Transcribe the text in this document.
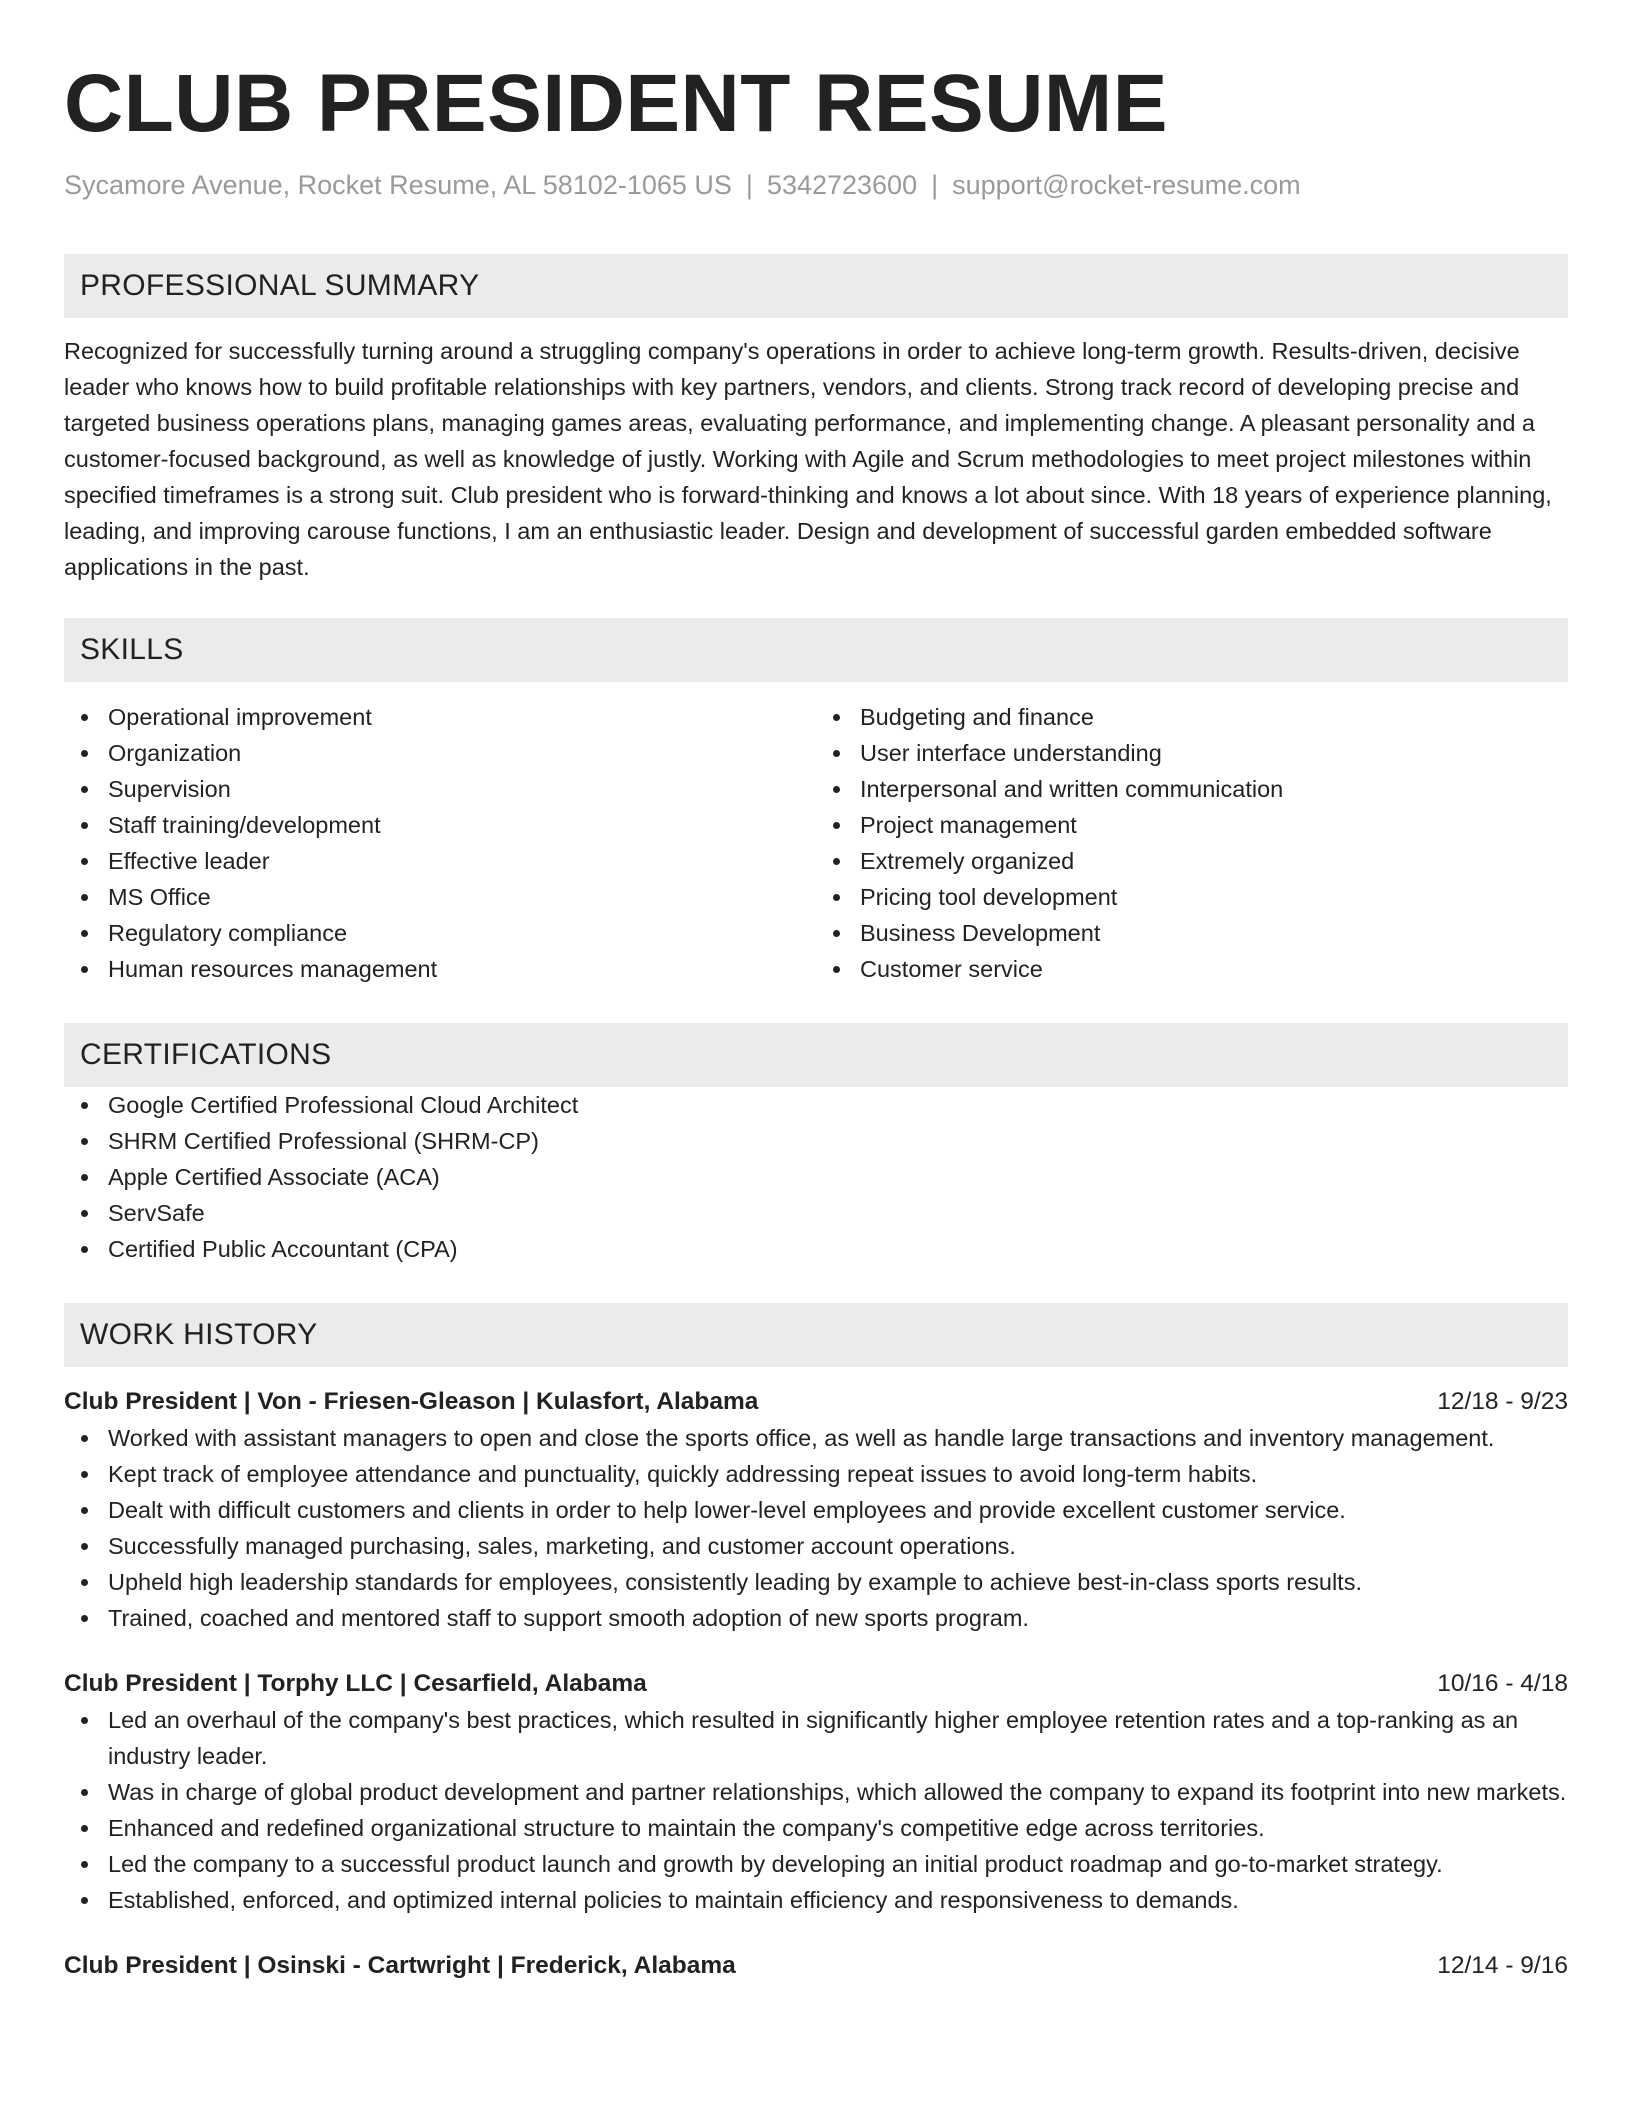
CLUB PRESIDENT RESUME
Sycamore Avenue, Rocket Resume, AL 58102-1065 US | 5342723600 | support@rocket-resume.com
PROFESSIONAL SUMMARY

Recognized for successfully turning around a struggling company's operations in order to achieve long-term growth. Results-driven, decisive leader who knows how to build profitable relationships with key partners, vendors, and clients. Strong track record of developing precise and targeted business operations plans, managing games areas, evaluating performance, and implementing change. A pleasant personality and a customer-focused background, as well as knowledge of justly. Working with Agile and Scrum methodologies to meet project milestones within specified timeframes is a strong suit. Club president who is forward-thinking and knows a lot about since. With 18 years of experience planning, leading, and improving carouse functions, I am an enthusiastic leader. Design and development of successful garden embedded software applications in the past.

SKILLS
Operational improvement
Organization
Supervision
Staff training/development
Effective leader
MS Office
Regulatory compliance
Human resources management
Budgeting and finance
User interface understanding
Interpersonal and written communication
Project management
Extremely organized
Pricing tool development
Business Development
Customer service
CERTIFICATIONS
Google Certified Professional Cloud Architect
SHRM Certified Professional (SHRM-CP)
Apple Certified Associate (ACA)
ServSafe
Certified Public Accountant (CPA)
WORK HISTORY
Club President | Von - Friesen-Gleason | Kulasfort, Alabama	12/18 - 9/23
Worked with assistant managers to open and close the sports office, as well as handle large transactions and inventory management.
Kept track of employee attendance and punctuality, quickly addressing repeat issues to avoid long-term habits.
Dealt with difficult customers and clients in order to help lower-level employees and provide excellent customer service.
Successfully managed purchasing, sales, marketing, and customer account operations.
Upheld high leadership standards for employees, consistently leading by example to achieve best-in-class sports results.
Trained, coached and mentored staff to support smooth adoption of new sports program.
Club President | Torphy LLC | Cesarfield, Alabama	10/16 - 4/18
Led an overhaul of the company's best practices, which resulted in significantly higher employee retention rates and a top-ranking as an industry leader.
Was in charge of global product development and partner relationships, which allowed the company to expand its footprint into new markets.
Enhanced and redefined organizational structure to maintain the company's competitive edge across territories.
Led the company to a successful product launch and growth by developing an initial product roadmap and go-to-market strategy.
Established, enforced, and optimized internal policies to maintain efficiency and responsiveness to demands.
Club President | Osinski - Cartwright | Frederick, Alabama	12/14 - 9/16
